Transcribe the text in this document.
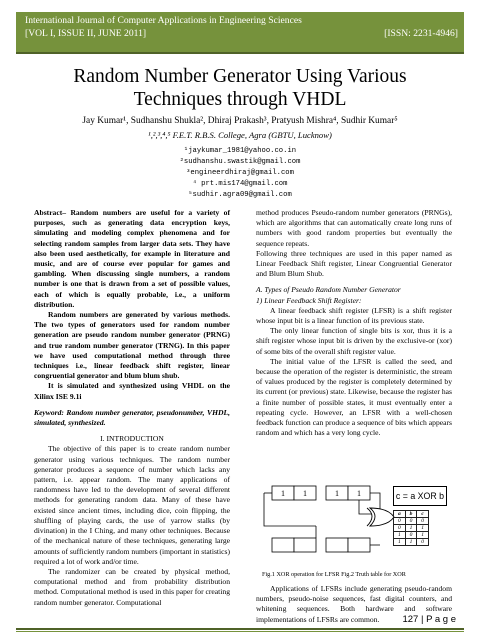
International Journal of Computer Applications in Engineering Sciences
[VOL I, ISSUE II, JUNE 2011]	[ISSN: 2231-4946]
Random Number Generator Using Various
Techniques through VHDL
Jay Kumar¹, Sudhanshu Shukla², Dhiraj Prakash³, Pratyush Mishra⁴, Sudhir Kumar⁵
¹,²,³,⁴,⁵ F.E.T. R.B.S. College, Agra (GBTU, Lucknow)
¹jaykumar_1981@yahoo.co.in
²sudhanshu.swastik@gmail.com
³engineerdhiraj@gmail.com
⁴ prt.mis174@gmail.com
⁵sudhir.agra09@gmail.com

Abstract– Random numbers are useful for a variety of purposes, such as generating data encryption keys, simulating and modeling complex phenomena and for selecting random samples from larger data sets. They have also been used aesthetically, for example in literature and music, and are of course ever popular for games and gambling. When discussing single numbers, a random number is one that is drawn from a set of possible values, each of which is equally probable, i.e., a uniform distribution.

Random numbers are generated by various methods. The two types of generators used for random number generation are pseudo random number generator (PRNG) and true random number generator (TRNG). In this paper we have used computational method through three techniques i.e., linear feedback shift register, linear congruential generator and blum blum shub.

It is simulated and synthesized using VHDL on the Xilinx ISE 9.1i

Keyword: Random number generator, pseudonumber, VHDL, simulated, synthesized.

I. INTRODUCTION

The objective of this paper is to create random number generator using various techniques. The random number generator produces a sequence of number which lacks any pattern, i.e. appear random. The many applications of randomness have led to the development of several different methods for generating random data. Many of these have existed since ancient times, including dice, coin flipping, the shuffling of playing cards, the use of yarrow stalks (by divination) in the I Ching, and many other techniques. Because of the mechanical nature of these techniques, generating large amounts of sufficiently random numbers (important in statistics) required a lot of work and/or time.

The randomizer can be created by physical method, computational method and from probability distribution method. Computational method is used in this paper for creating random number generator. Computational

method produces Pseudo-random number generators (PRNGs), which are algorithms that can automatically create long runs of numbers with good random properties but eventually the sequence repeats.

Following three techniques are used in this paper named as Linear Feedback Shift register, Linear Congruential Generator and Blum Blum Shub.

A. Types of Pseudo Random Number Generator

1) Linear Feedback Shift Register:

A linear feedback shift register (LFSR) is a shift register whose input bit is a linear function of its previous state.

The only linear function of single bits is xor, thus it is a shift register whose input bit is driven by the exclusive-or (xor) of some bits of the overall shift register value.

The initial value of the LFSR is called the seed, and because the operation of the register is deterministic, the stream of values produced by the register is completely determined by its current (or previous) state. Likewise, because the register has a finite number of possible states, it must eventually enter a repeating cycle. However, an LFSR with a well-chosen feedback function can produce a sequence of bits which appears random and which has a very long cycle.

1 1	1 1	c = a XOR b
a	b	c
0	0	0
0	1	1
1	0	1
1	1	0
Fig.1 XOR operation for LFSR Fig.2 Truth table for XOR

Applications of LFSRs include generating pseudo-random numbers, pseudo-noise sequences, fast digital counters, and whitening sequences. Both hardware and software implementations of LFSRs are common.	127 | P a g e
